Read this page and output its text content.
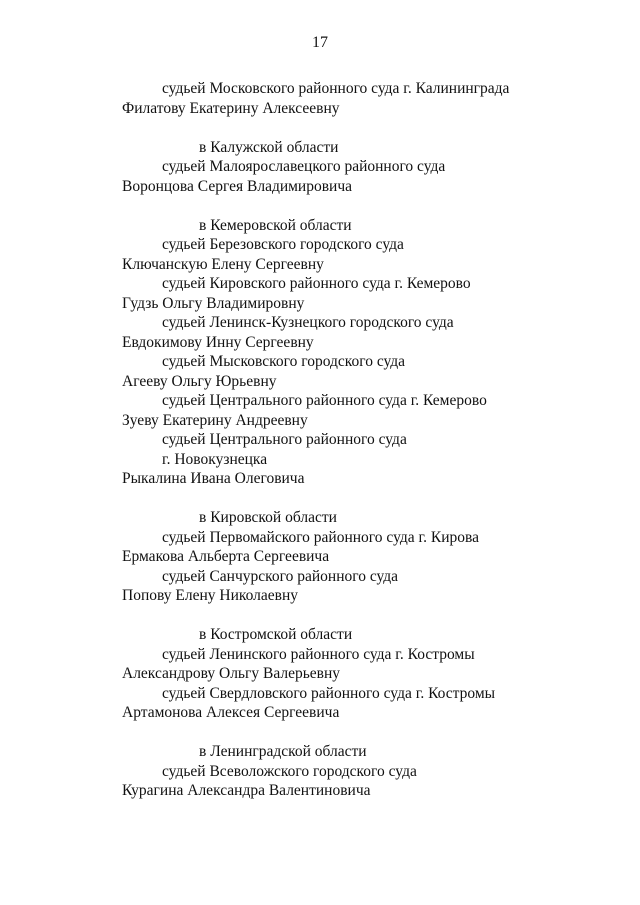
17
судьей Московского районного суда г. Калининграда
Филатову Екатерину Алексеевну
в Калужской области
судьей Малоярославецкого районного суда
Воронцова Сергея Владимировича
в Кемеровской области
судьей Березовского городского суда
Ключанскую Елену Сергеевну
судьей Кировского районного суда г. Кемерово
Гудзь Ольгу Владимировну
судьей Ленинск-Кузнецкого городского суда
Евдокимову Инну Сергеевну
судьей Мысковского городского суда
Агееву Ольгу Юрьевну
судьей Центрального районного суда г. Кемерово
Зуеву Екатерину Андреевну
судьей Центрального районного суда
г. Новокузнецка
Рыкалина Ивана Олеговича
в Кировской области
судьей Первомайского районного суда г. Кирова
Ермакова Альберта Сергеевича
судьей Санчурского районного суда
Попову Елену Николаевну
в Костромской области
судьей Ленинского районного суда г. Костромы
Александрову Ольгу Валерьевну
судьей Свердловского районного суда г. Костромы
Артамонова Алексея Сергеевича
в Ленинградской области
судьей Всеволожского городского суда
Курагина Александра Валентиновича
